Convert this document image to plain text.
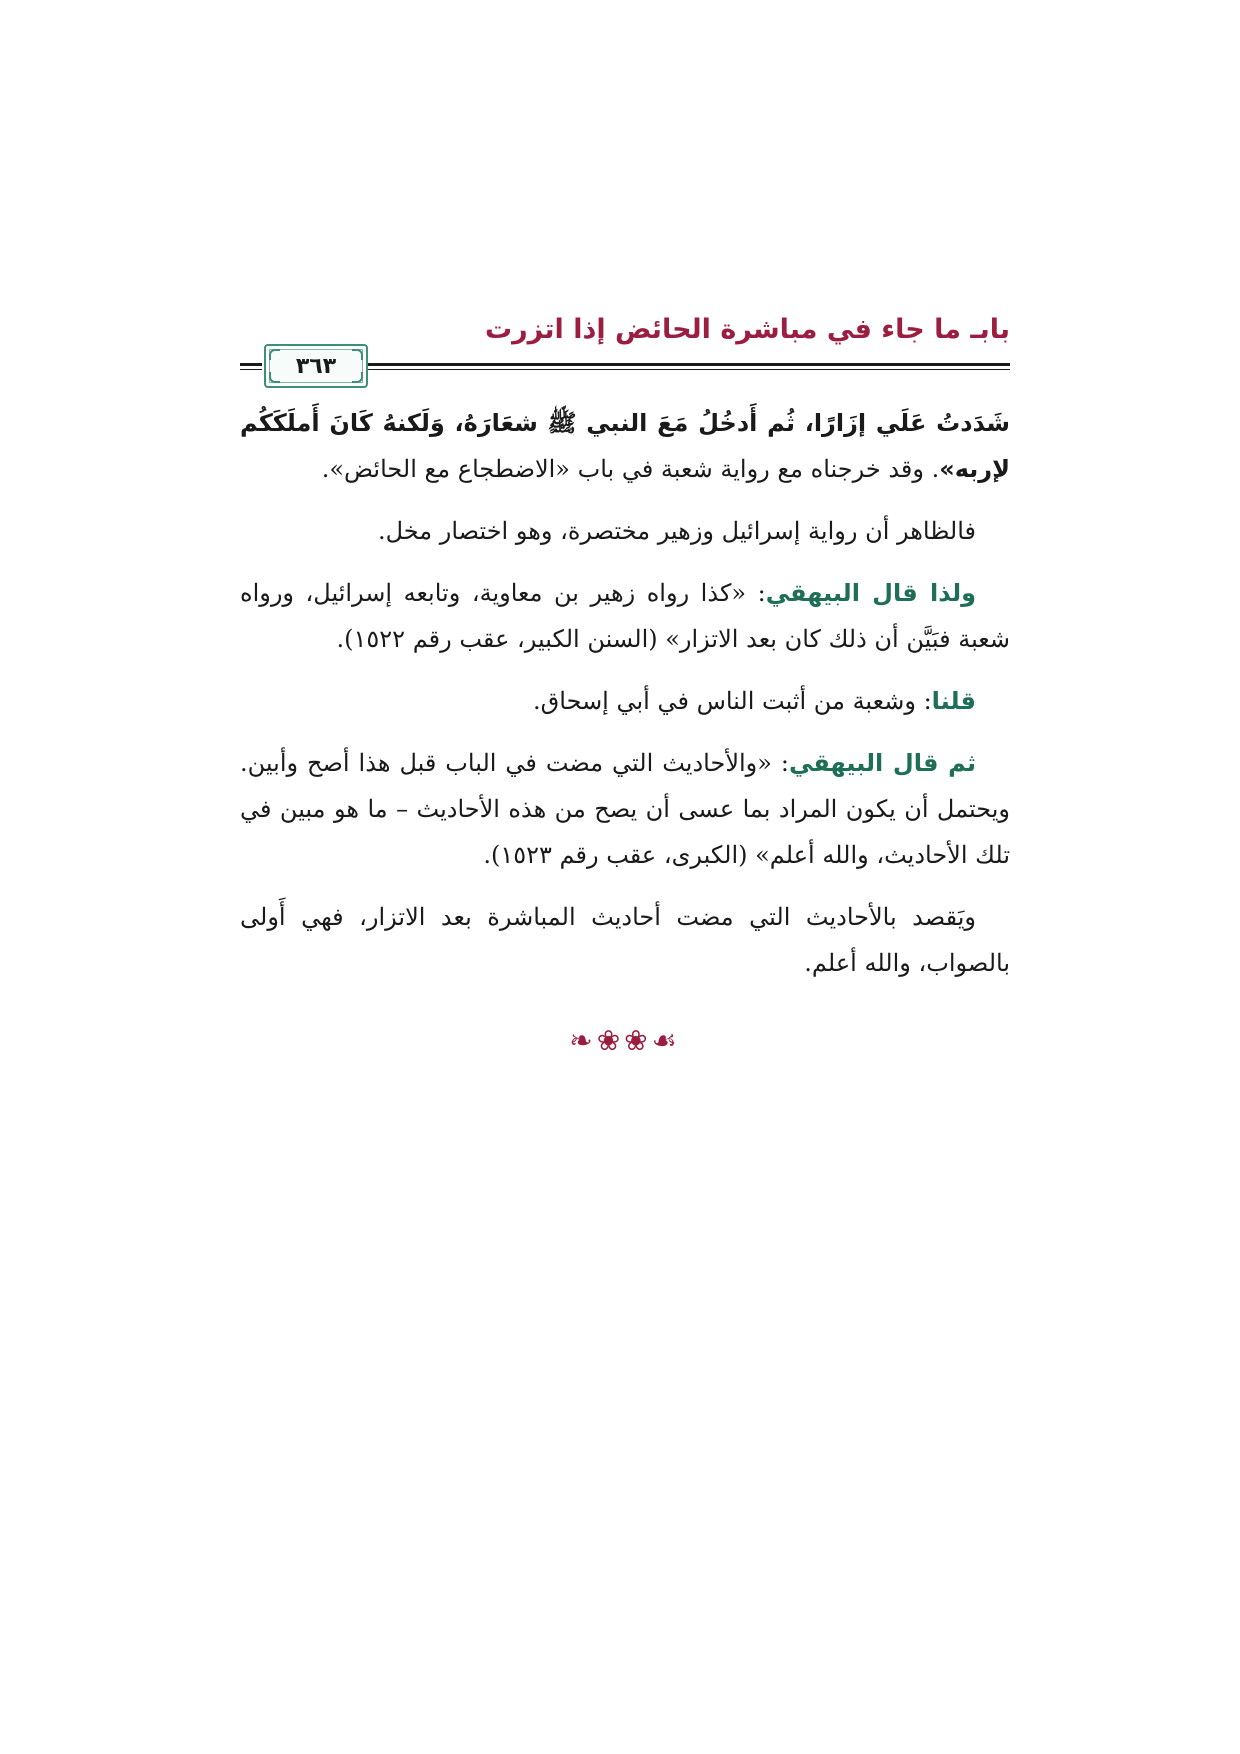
بابـ ما جاء في مباشرة الحائض إذا اتزرت
٣٦٣

شَدَدتُ عَلَي إزَارًا، ثُم أَدخُلُ مَعَ النبي ﷺ شعَارَهُ، وَلَكنهُ كَانَ أَملَكَكُم لإربه». وقد خرجناه مع رواية شعبة في باب «الاضطجاع مع الحائض».

فالظاهر أن رواية إسرائيل وزهير مختصرة، وهو اختصار مخل.

ولذا قال البيهقي: «كذا رواه زهير بن معاوية، وتابعه إسرائيل، ورواه شعبة فبَيَّن أن ذلك كان بعد الاتزار» (السنن الكبير، عقب رقم ١٥٢٢).

قلنا: وشعبة من أثبت الناس في أبي إسحاق.

ثم قال البيهقي: «والأحاديث التي مضت في الباب قبل هذا أصح وأبين. ويحتمل أن يكون المراد بما عسى أن يصح من هذه الأحاديث – ما هو مبين في تلك الأحاديث، والله أعلم» (الكبرى، عقب رقم ١٥٢٣).

ويَقصد بالأحاديث التي مضت أحاديث المباشرة بعد الاتزار، فهي أَولى بالصواب، والله أعلم.

❧❀❀☙
